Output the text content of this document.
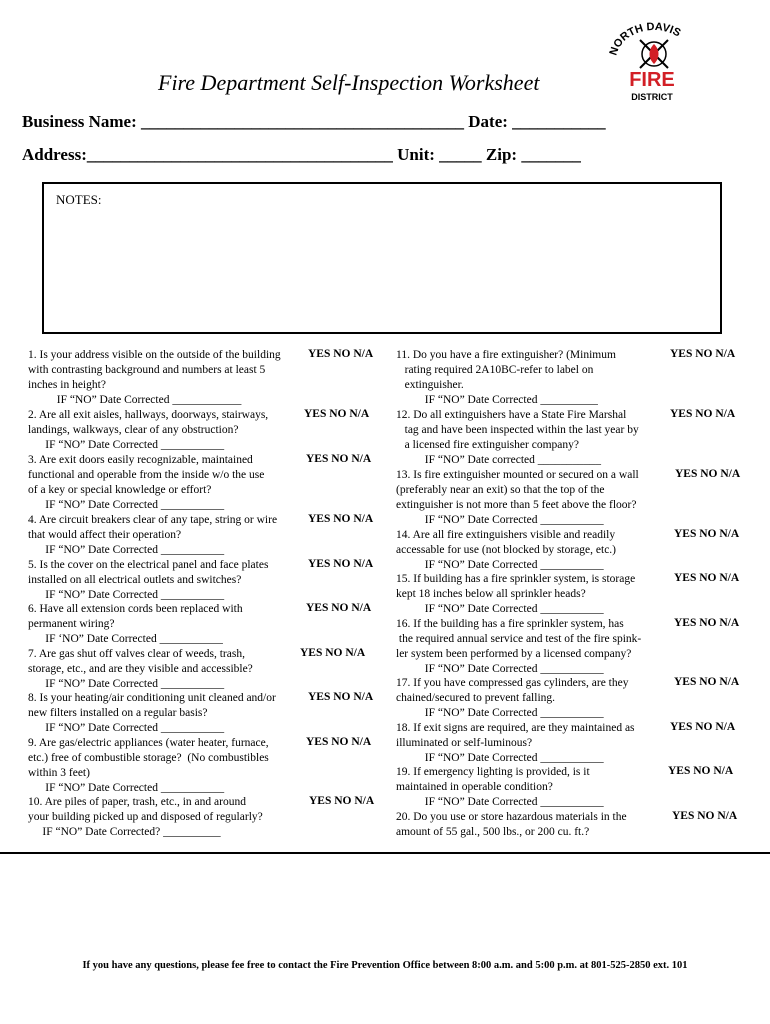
Fire Department Self-Inspection Worksheet
NORTH DAVIS
FIRE
DISTRICT
Business Name: ______________________________________ Date: ___________
Address:____________________________________ Unit: _____ Zip: _______
NOTES:
1. Is your address visible on the outside of the building
with contrasting background and numbers at least 5
inches in height?
IF “NO” Date Corrected ____________
2. Are all exit aisles, hallways, doorways, stairways,
landings, walkways, clear of any obstruction?
IF “NO” Date Corrected ___________
3. Are exit doors easily recognizable, maintained
functional and operable from the inside w/o the use
of a key or special knowledge or effort?
IF “NO” Date Corrected ___________
4. Are circuit breakers clear of any tape, string or wire
that would affect their operation?
IF “NO” Date Corrected ___________
5. Is the cover on the electrical panel and face plates
installed on all electrical outlets and switches?
IF “NO” Date Corrected ___________
6. Have all extension cords been replaced with
permanent wiring?
IF ‘NO” Date Corrected ___________
7. Are gas shut off valves clear of weeds, trash,
storage, etc., and are they visible and accessible?
IF “NO” Date Corrected ___________
8. Is your heating/air conditioning unit cleaned and/or
new filters installed on a regular basis?
IF “NO” Date Corrected ___________
9. Are gas/electric appliances (water heater, furnace,
etc.) free of combustible storage?  (No combustibles
within 3 feet)
IF “NO” Date Corrected ___________
10. Are piles of paper, trash, etc., in and around
your building picked up and disposed of regularly?
IF “NO” Date Corrected? __________
YES NO N/A
YES NO N/A
YES NO N/A
YES NO N/A
YES NO N/A
YES NO N/A
YES NO N/A
YES NO N/A
YES NO N/A
YES NO N/A
11. Do you have a fire extinguisher? (Minimum
rating required 2A10BC-refer to label on
extinguisher.
IF “NO” Date Corrected __________
12. Do all extinguishers have a State Fire Marshal
tag and have been inspected within the last year by
a licensed fire extinguisher company?
IF “NO” Date corrected ___________
13. Is fire extinguisher mounted or secured on a wall
(preferably near an exit) so that the top of the
extinguisher is not more than 5 feet above the floor?
IF “NO” Date Corrected ___________
14. Are all fire extinguishers visible and readily
accessable for use (not blocked by storage, etc.)
IF “NO” Date Corrected ___________
15. If building has a fire sprinkler system, is storage
kept 18 inches below all sprinkler heads?
IF “NO” Date Corrected ___________
16. If the building has a fire sprinkler system, has
the required annual service and test of the fire spink-
ler system been performed by a licensed company?
IF “NO” Date Corrected ___________
17. If you have compressed gas cylinders, are they
chained/secured to prevent falling.
IF “NO” Date Corrected ___________
18. If exit signs are required, are they maintained as
illuminated or self-luminous?
IF “NO” Date Corrected ___________
19. If emergency lighting is provided, is it
maintained in operable condition?
IF “NO” Date Corrected ___________
20. Do you use or store hazardous materials in the
amount of 55 gal., 500 lbs., or 200 cu. ft.?
YES NO N/A
YES NO N/A
YES NO N/A
YES NO N/A
YES NO N/A
YES NO N/A
YES NO N/A
YES NO N/A
YES NO N/A
YES NO N/A
If you have any questions, please fee free to contact the Fire Prevention Office between 8:00 a.m. and 5:00 p.m. at 801-525-2850 ext. 101
